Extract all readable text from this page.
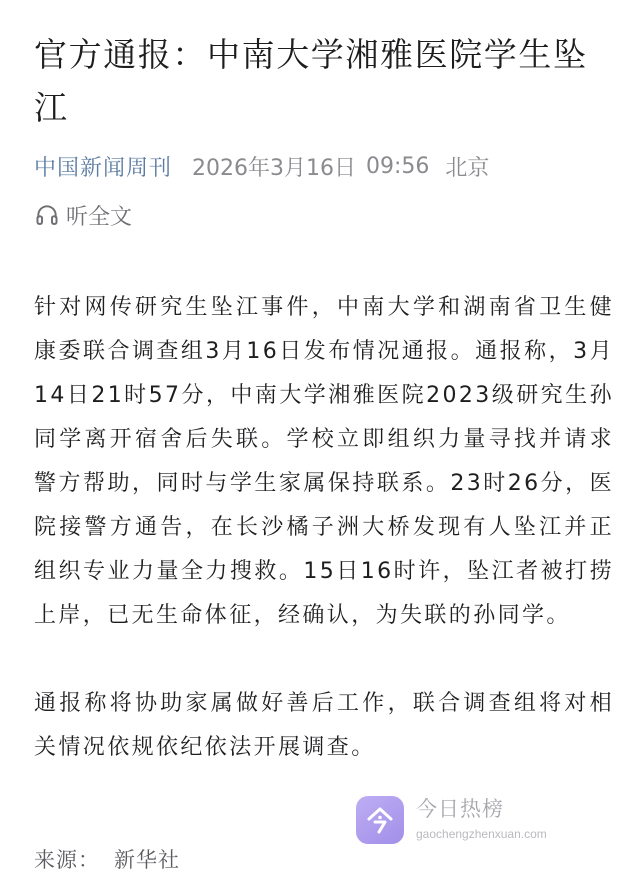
官方通报：中南大学湘雅医院学生坠江
中国新闻周刊 2026年3月16日 09:56 北京
听全文

针对网传研究生坠江事件，中南大学和湖南省卫生健康委联合调查组3月16日发布情况通报。通报称，3月14日21时57分，中南大学湘雅医院2023级研究生孙同学离开宿舍后失联。学校立即组织力量寻找并请求警方帮助，同时与学生家属保持联系。23时26分，医院接警方通告，在长沙橘子洲大桥发现有人坠江并正组织专业力量全力搜救。15日16时许，坠江者被打捞上岸，已无生命体征，经确认，为失联的孙同学。

通报称将协助家属做好善后工作，联合调查组将对相关情况依规依纪依法开展调查。

今日热榜
gaochengzhenxuan.com
来源： 新华社
